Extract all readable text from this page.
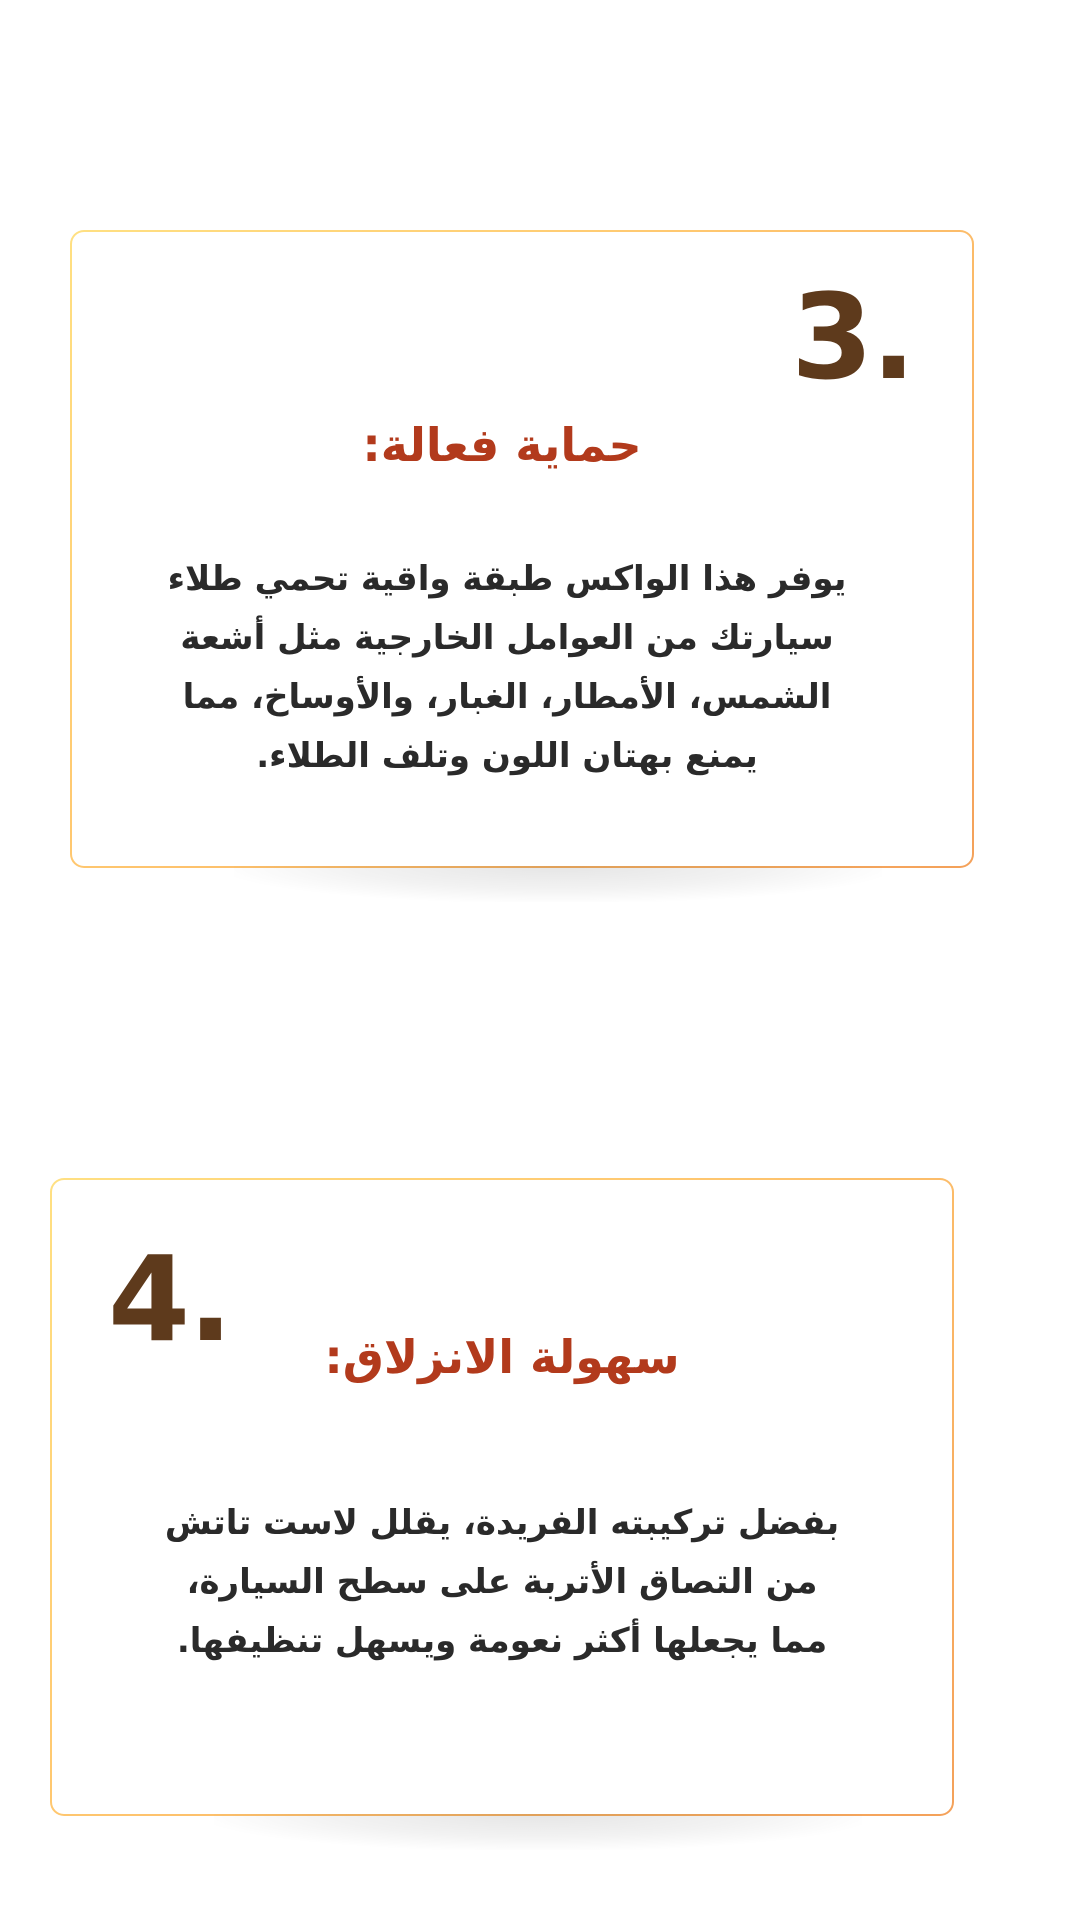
3.
حماية فعالة:
يوفر هذا الواكس طبقة واقية تحمي طلاء سيارتك من العوامل الخارجية مثل أشعة الشمس، الأمطار، الغبار، والأوساخ، مما يمنع بهتان اللون وتلف الطلاء.
4.	سهولة الانزلاق:
بفضل تركيبته الفريدة، يقلل لاست تاتش من التصاق الأتربة على سطح السيارة، مما يجعلها أكثر نعومة ويسهل تنظيفها.
